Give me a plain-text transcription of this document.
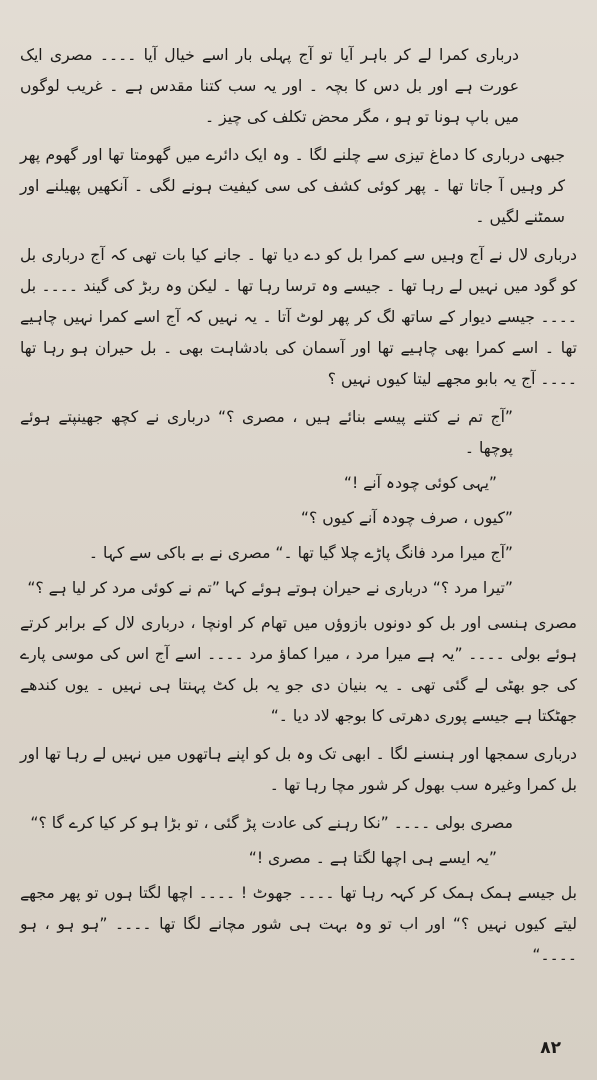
درباری کمرا لے کر باہر آیا تو آج پہلی بار اسے خیال آیا ۔۔۔۔ مصری ایک عورت ہے اور بل دس کا بچہ ۔ اور یہ سب کتنا مقدس ہے ۔ غریب لوگوں میں باپ ہونا تو ہو ، مگر محض تکلف کی چیز ۔

جبھی درباری کا دماغ تیزی سے چلنے لگا ۔ وہ ایک دائرے میں گھومتا تھا اور گھوم پھر کر وہیں آ جاتا تھا ۔ پھر کوئی کشف کی سی کیفیت ہونے لگی ۔ آنکھیں پھیلنے اور سمٹنے لگیں ۔

درباری لال نے آج وہیں سے کمرا بل کو دے دیا تھا ۔ جانے کیا بات تھی کہ آج درباری بل کو گود میں نہیں لے رہا تھا ۔ جیسے وہ ترسا رہا تھا ۔ لیکن وہ ربڑ کی گیند ۔۔۔۔ بل ۔۔۔۔ جیسے دیوار کے ساتھ لگ کر پھر لوٹ آتا ۔ یہ نہیں کہ آج اسے کمرا نہیں چاہیے تھا ۔ اسے کمرا بھی چاہیے تھا اور آسمان کی بادشاہت بھی ۔ بل حیران ہو رہا تھا ۔۔۔۔ آج یہ بابو مجھے لیتا کیوں نہیں ؟

”آج تم نے کتنے پیسے بنائے ہیں ، مصری ؟“ درباری نے کچھ جھینپتے ہوئے پوچھا ۔

”یہی کوئی چودہ آنے !“

”کیوں ، صرف چودہ آنے کیوں ؟“

”آج میرا مرد فانگ پاڑے چلا گیا تھا ۔“ مصری نے بے باکی سے کہا ۔

”تیرا مرد ؟“ درباری نے حیران ہوتے ہوئے کہا ”تم نے کوئی مرد کر لیا ہے ؟“

مصری ہنسی اور بل کو دونوں بازوؤں میں تھام کر اونچا ، درباری لال کے برابر کرتے ہوئے بولی ۔۔۔۔ ”یہ ہے میرا مرد ، میرا کماؤ مرد ۔۔۔۔ اسے آج اس کی موسی پارے کی جو بھٹی لے گئی تھی ۔ یہ بنیان دی جو یہ بل کٹ پہنتا ہی نہیں ۔ یوں کندھے جھٹکتا ہے جیسے پوری دھرتی کا بوجھ لاد دیا ۔“

درباری سمجھا اور ہنسنے لگا ۔ ابھی تک وہ بل کو اپنے ہاتھوں میں نہیں لے رہا تھا اور بل کمرا وغیرہ سب بھول کر شور مچا رہا تھا ۔

مصری بولی ۔۔۔۔ ”نکا رہنے کی عادت پڑ گئی ، تو بڑا ہو کر کیا کرے گا ؟“

”یہ ایسے ہی اچھا لگتا ہے ۔ مصری !“

بل جیسے ہمک ہمک کر کہہ رہا تھا ۔۔۔۔ جھوٹ ! ۔۔۔۔ اچھا لگتا ہوں تو پھر مجھے لیتے کیوں نہیں ؟“ اور اب تو وہ بہت ہی شور مچانے لگا تھا ۔۔۔۔ ”ہو ہو ، ہو ۔۔۔۔“

۸۲
